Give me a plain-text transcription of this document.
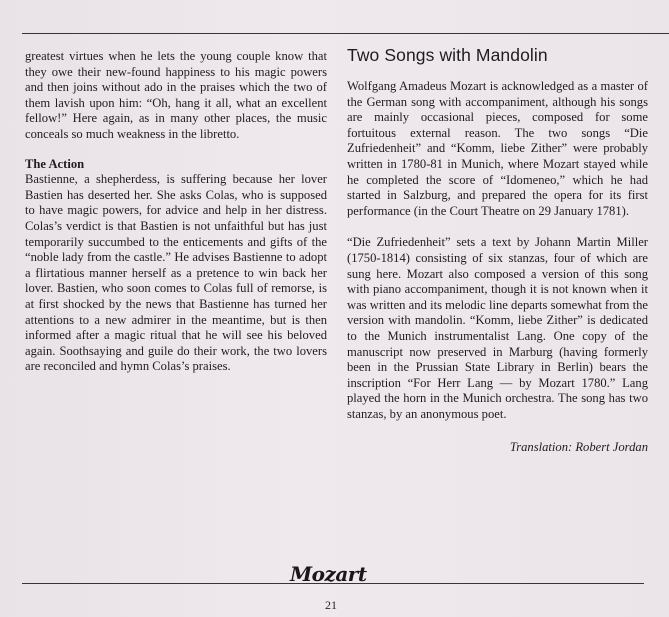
greatest virtues when he lets the young couple know that they owe their new-found happiness to his magic powers and then joins without ado in the praises which the two of them lavish upon him: “Oh, hang it all, what an excellent fellow!” Here again, as in many other places, the music conceals so much weakness in the libretto.

The Action

Bastienne, a shepherdess, is suffering because her lover Bastien has deserted her. She asks Colas, who is supposed to have magic powers, for advice and help in her distress. Colas’s verdict is that Bastien is not unfaithful but has just temporarily succumbed to the enticements and gifts of the “noble lady from the castle.” He advises Bastienne to adopt a flirtatious manner herself as a pretence to win back her lover. Bastien, who soon comes to Colas full of remorse, is at first shocked by the news that Bastienne has turned her attentions to a new admirer in the meantime, but is then informed after a magic ritual that he will see his beloved again. Soothsaying and guile do their work, the two lovers are reconciled and hymn Colas’s praises.

Two Songs with Mandolin

Wolfgang Amadeus Mozart is acknowledged as a master of the German song with accompaniment, although his songs are mainly occasional pieces, composed for some fortuitous external reason. The two songs “Die Zufriedenheit” and “Komm, liebe Zither” were probably written in 1780-81 in Munich, where Mozart stayed while he completed the score of “Idomeneo,” which he had started in Salzburg, and prepared the opera for its first performance (in the Court Theatre on 29 January 1781).

“Die Zufriedenheit” sets a text by Johann Martin Miller (1750-1814) consisting of six stanzas, four of which are sung here. Mozart also composed a version of this song with piano accompaniment, though it is not known when it was written and its melodic line departs somewhat from the version with mandolin. “Komm, liebe Zither” is dedicated to the Munich instrumentalist Lang. One copy of the manuscript now preserved in Marburg (having formerly been in the Prussian State Library in Berlin) bears the inscription “For Herr Lang — by Mozart 1780.” Lang played the horn in the Munich orchestra. The song has two stanzas, by an anonymous poet.

Translation: Robert Jordan

Mozart
21
